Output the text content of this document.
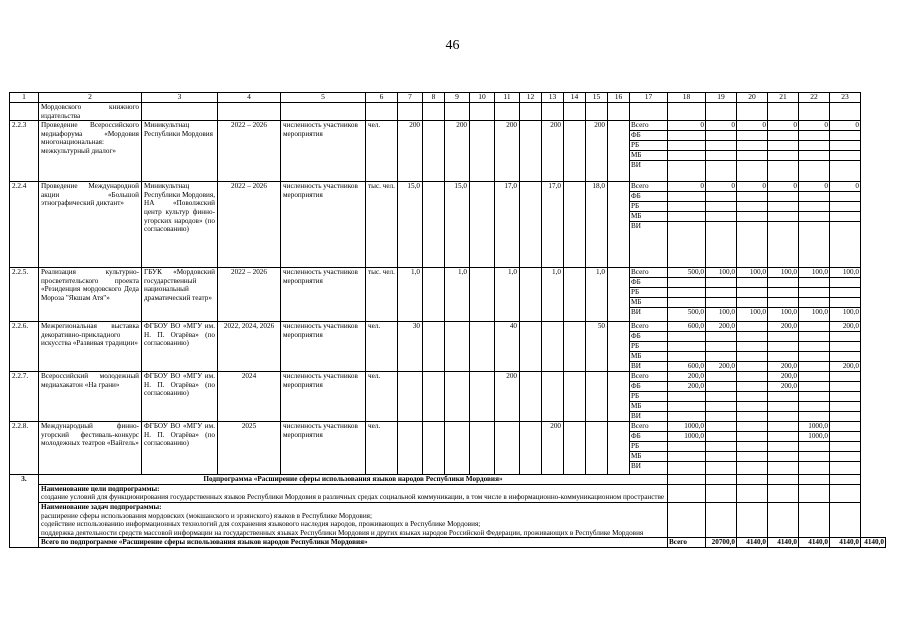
46
1	2	3	4	5	6	7	8	9	10	11	12	13	14	15	16	17	18	19	20	21	22	23	
	Мордовского книжного издательства																						
2.2.3	Проведение Всероссийского медиафорума «Мордовия многонациональная: межкультурный диалог»	Миникультнац Республики Мордовия	2022 – 2026	численность участников мероприятия	чел.	200		200		200		200		200		Всего	0	0	0	0	0	0	
																ФБ							
																РБ							
																МБ							
																ВИ							
2.2.4	Проведение Международной акции «Большой этнографический диктант»	Миникультнац Республики Мордовия, НА «Поволжский центр культур финно-угорских народов» (по согласованию)	2022 – 2026	численность участников мероприятия	тыс. чел.	15,0		15,0		17,0		17,0		18,0		Всего	0	0	0	0	0	0	
																ФБ							
																РБ							
																МБ							
																ВИ							
2.2.5.	Реализация культурно-просветительского проекта «Резиденция мордовского Деда Мороза "Якшам Атя"»	ГБУК «Мордовский государственный национальный драматический театр»	2022 – 2026	численность участников мероприятия	тыс. чел.	1,0		1,0		1,0		1,0		1,0		Всего	500,0	100,0	100,0	100,0	100,0	100,0	
																ФБ							
																РБ							
																МБ							
																ВИ	500,0	100,0	100,0	100,0	100,0	100,0	
2.2.6.	Межрегиональная выставка декоративно-прикладного искусства «Развивая традиции»	ФГБОУ ВО «МГУ им. Н. П. Огарёва» (по согласованию)	2022, 2024, 2026	численность участников мероприятия	чел.	30				40				50		Всего	600,0	200,0		200,0		200,0	
																ФБ							
																РБ							
																МБ							
																ВИ	600,0	200,0		200,0		200,0	
2.2.7.	Всероссийский молодежный медиахакатон «На грани»	ФГБОУ ВО «МГУ им. Н. П. Огарёва» (по согласованию)	2024	численность участников мероприятия	чел.					200						Всего	200,0			200,0			
																ФБ	200,0			200,0			
																РБ							
																МБ							
																ВИ							
2.2.8.	Международный финно-угорский фестиваль-конкурс молодежных театров «Вайгель»	ФГБОУ ВО «МГУ им. Н. П. Огарёва» (по согласованию)	2025	численность участников мероприятия	чел.							200				Всего	1000,0				1000,0		
																ФБ	1000,0				1000,0		
																РБ							
																МБ							
																ВИ							
3.	Подпрограмма «Расширение сферы использования языков народов Республики Мордовия»																						

	Наименование цели подпрограммы:
создание условий для функционирования государственных языков Республики Мордовия в различных средах социальной коммуникации, в том числе в информационно-коммуникационном пространстве																						

	Наименование задач подпрограммы:
расширение сферы использования мордовских (мокшанского и эрзянского) языков в Республике Мордовия;
содействие использованию информационных технологий для сохранения языкового наследия народов, проживающих в Республике Мордовия;
поддержка деятельности средств массовой информации на государственных языках Республики Мордовия и других языках народов Российской Федерации, проживающих в Республике Мордовия																						

	Всего по подпрограмме «Расширение сферы использования языков народов Республики Мордовия»																Всего	20700,0	4140,0	4140,0	4140,0	4140,0	4140,0
